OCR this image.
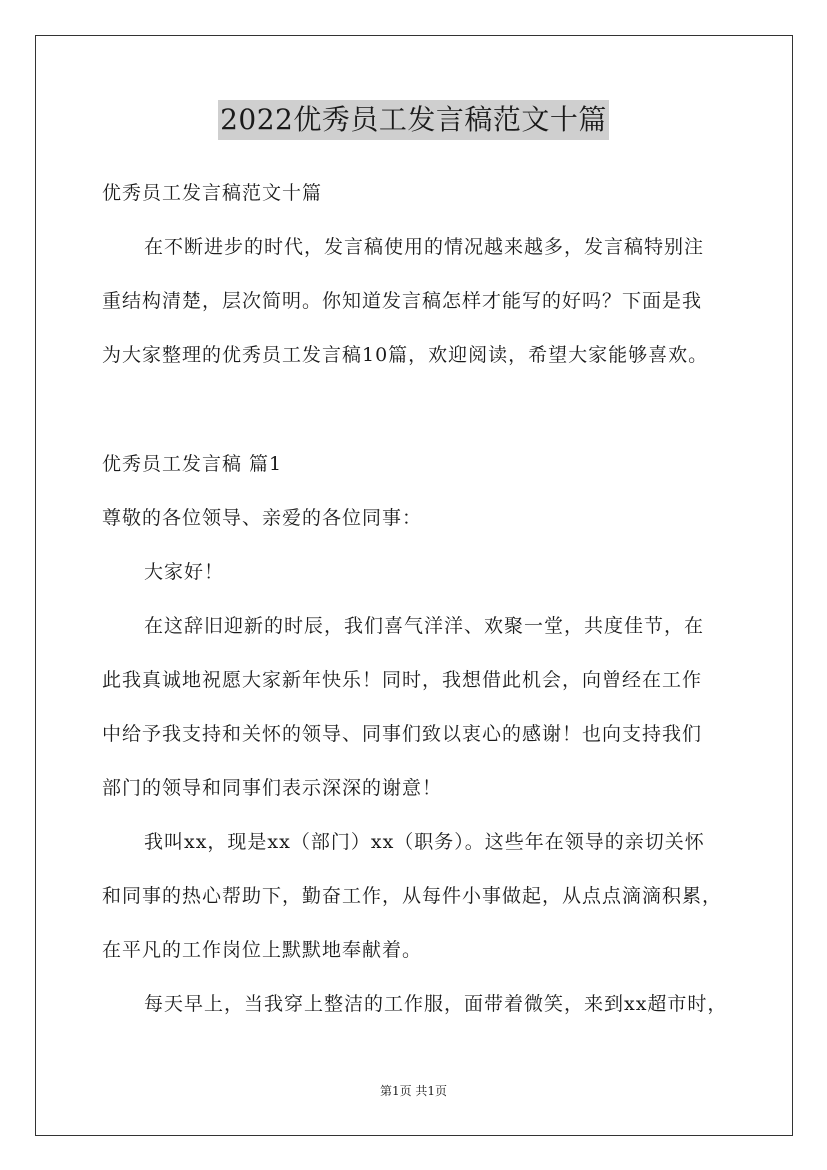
2022优秀员工发言稿范文十篇
优秀员工发言稿范文十篇
在不断进步的时代，发言稿使用的情况越来越多，发言稿特别注
重结构清楚，层次简明。你知道发言稿怎样才能写的好吗？下面是我
为大家整理的优秀员工发言稿10篇，欢迎阅读，希望大家能够喜欢。
优秀员工发言稿 篇1
尊敬的各位领导、亲爱的各位同事：
大家好！
在这辞旧迎新的时辰，我们喜气洋洋、欢聚一堂，共度佳节，在
此我真诚地祝愿大家新年快乐！同时，我想借此机会，向曾经在工作
中给予我支持和关怀的领导、同事们致以衷心的感谢！也向支持我们
部门的领导和同事们表示深深的谢意！
我叫xx，现是xx（部门）xx（职务）。这些年在领导的亲切关怀
和同事的热心帮助下，勤奋工作，从每件小事做起，从点点滴滴积累，
在平凡的工作岗位上默默地奉献着。
每天早上，当我穿上整洁的工作服，面带着微笑，来到xx超市时，
第1页 共1页
